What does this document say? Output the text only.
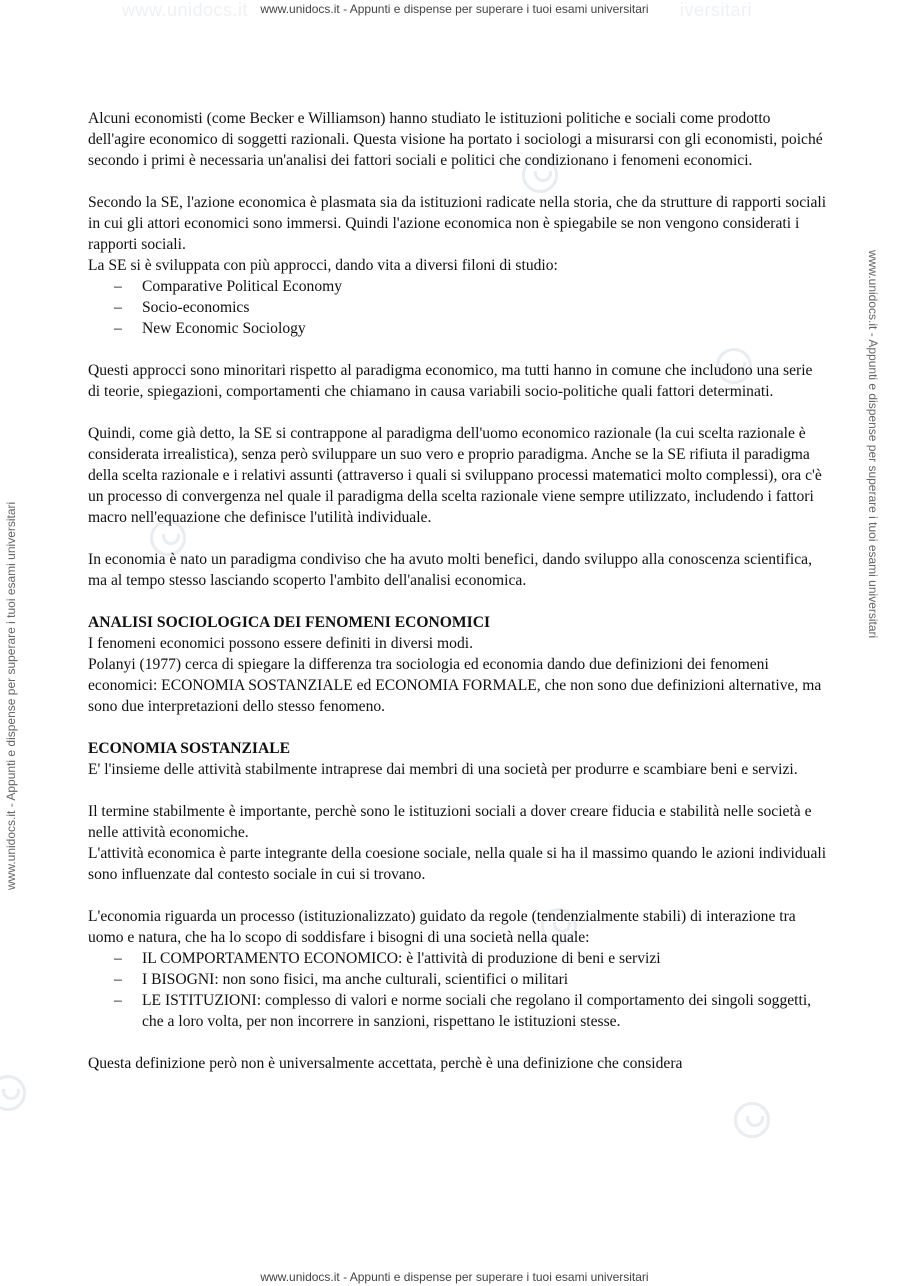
www.unidocs.it	iversitari
www.unidocs.it - Appunti e dispense per superare i tuoi esami universitari
www.unidocs.it - Appunti e dispense per superare i tuoi esami universitari
www.unidocs.it - Appunti e dispense per superare i tuoi esami universitari

Alcuni economisti (come Becker e Williamson) hanno studiato le istituzioni politiche e sociali come prodotto dell'agire economico di soggetti razionali. Questa visione ha portato i sociologi a misurarsi con gli economisti, poiché secondo i primi è necessaria un'analisi dei fattori sociali e politici che condizionano i fenomeni economici.

Secondo la SE, l'azione economica è plasmata sia da istituzioni radicate nella storia, che da strutture di rapporti sociali in cui gli attori economici sono immersi. Quindi l'azione economica non è spiegabile se non vengono considerati i rapporti sociali.

La SE si è sviluppata con più approcci, dando vita a diversi filoni di studio:

– Comparative Political Economy
– Socio-economics
– New Economic Sociology

Questi approcci sono minoritari rispetto al paradigma economico, ma tutti hanno in comune che includono una serie di teorie, spiegazioni, comportamenti che chiamano in causa variabili socio-politiche quali fattori determinati.

Quindi, come già detto, la SE si contrappone al paradigma dell'uomo economico razionale (la cui scelta razionale è considerata irrealistica), senza però sviluppare un suo vero e proprio paradigma. Anche se la SE rifiuta il paradigma della scelta razionale e i relativi assunti (attraverso i quali si sviluppano processi matematici molto complessi), ora c'è un processo di convergenza nel quale il paradigma della scelta razionale viene sempre utilizzato, includendo i fattori macro nell'equazione che definisce l'utilità individuale.

In economia è nato un paradigma condiviso che ha avuto molti benefici, dando sviluppo alla conoscenza scientifica, ma al tempo stesso lasciando scoperto l'ambito dell'analisi economica.

ANALISI SOCIOLOGICA DEI FENOMENI ECONOMICI

I fenomeni economici possono essere definiti in diversi modi.

Polanyi (1977) cerca di spiegare la differenza tra sociologia ed economia dando due definizioni dei fenomeni economici: ECONOMIA SOSTANZIALE ed ECONOMIA FORMALE, che non sono due definizioni alternative, ma sono due interpretazioni dello stesso fenomeno.

ECONOMIA SOSTANZIALE

E' l'insieme delle attività stabilmente intraprese dai membri di una società per produrre e scambiare beni e servizi.

Il termine stabilmente è importante, perchè sono le istituzioni sociali a dover creare fiducia e stabilità nelle società e nelle attività economiche.

L'attività economica è parte integrante della coesione sociale, nella quale si ha il massimo quando le azioni individuali sono influenzate dal contesto sociale in cui si trovano.

L'economia riguarda un processo (istituzionalizzato) guidato da regole (tendenzialmente stabili) di interazione tra uomo e natura, che ha lo scopo di soddisfare i bisogni di una società nella quale:

– IL COMPORTAMENTO ECONOMICO: è l'attività di produzione di beni e servizi
– I BISOGNI: non sono fisici, ma anche culturali, scientifici o militari
– LE ISTITUZIONI: complesso di valori e norme sociali che regolano il comportamento dei singoli soggetti, che a loro volta, per non incorrere in sanzioni, rispettano le istituzioni stesse.

Questa definizione però non è universalmente accettata, perchè è una definizione che considera

www.unidocs.it - Appunti e dispense per superare i tuoi esami universitari
